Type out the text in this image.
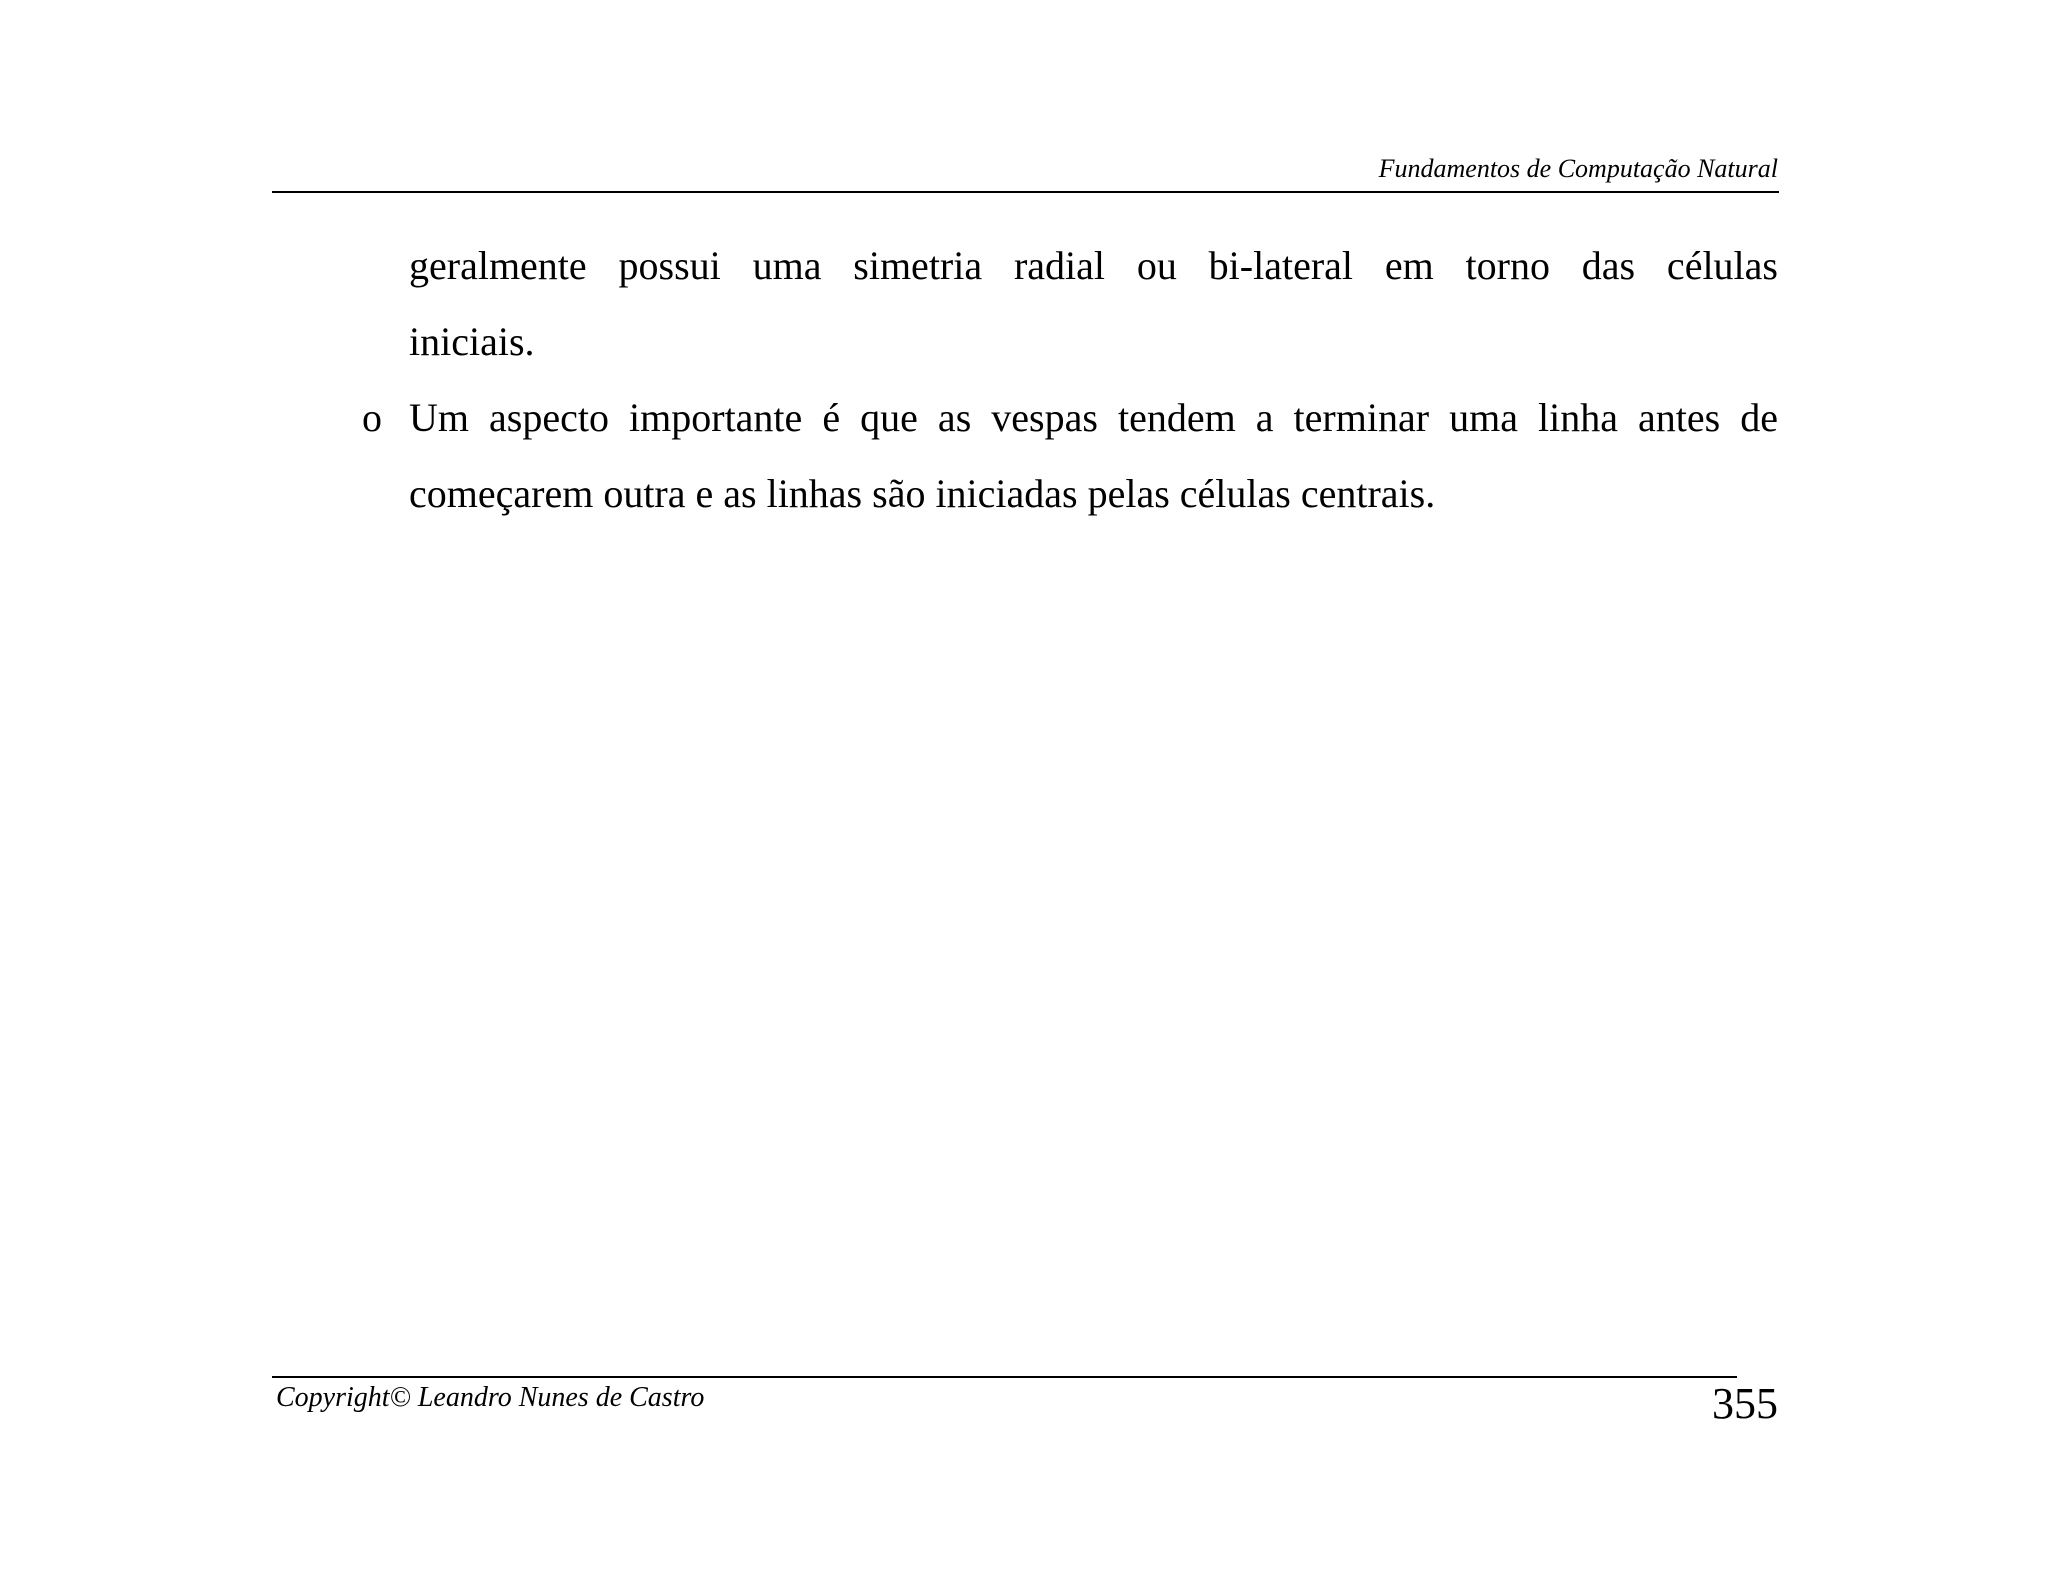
Fundamentos de Computação Natural
geralmente possui uma simetria radial ou bi-lateral em torno das células
iniciais.
o Um aspecto importante é que as vespas tendem a terminar uma linha antes de
começarem outra e as linhas são iniciadas pelas células centrais.
Copyright© Leandro Nunes de Castro	355
